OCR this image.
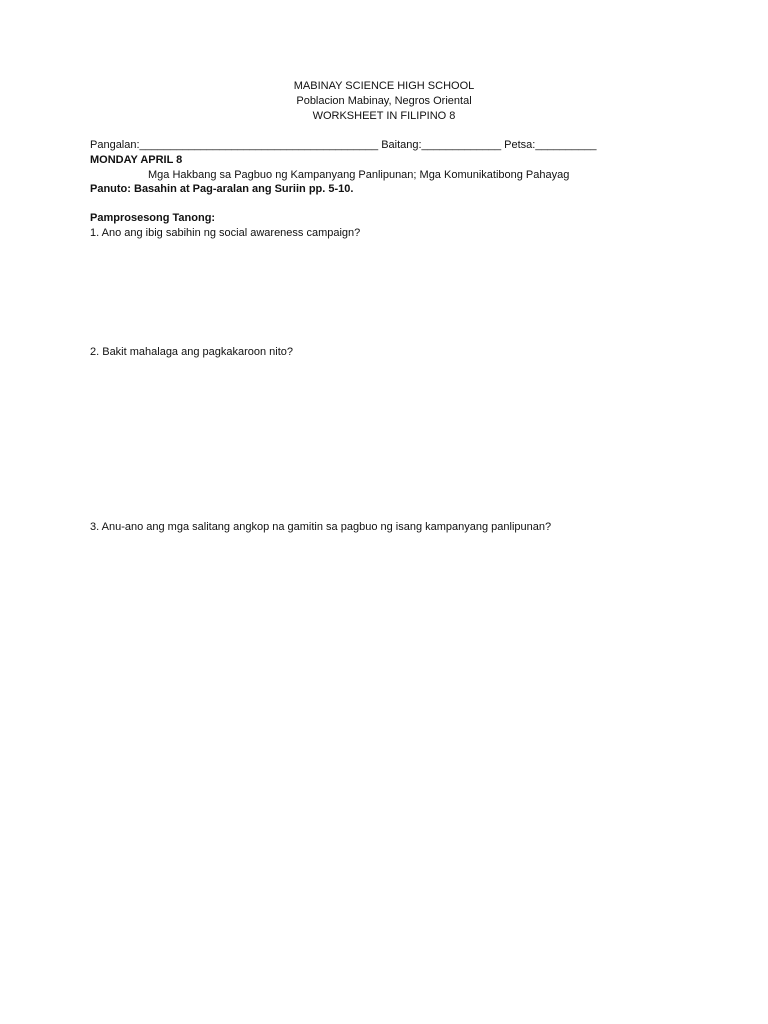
MABINAY SCIENCE HIGH SCHOOL
Poblacion Mabinay, Negros Oriental
WORKSHEET IN FILIPINO 8
Pangalan:_______________________________________ Baitang:_____________ Petsa:__________
MONDAY APRIL 8
Mga Hakbang sa Pagbuo ng Kampanyang Panlipunan; Mga Komunikatibong Pahayag
Panuto: Basahin at Pag-aralan ang Suriin pp. 5-10.
Pamprosesong Tanong:
1. Ano ang ibig sabihin ng social awareness campaign?
2. Bakit mahalaga ang pagkakaroon nito?
3. Anu-ano ang mga salitang angkop na gamitin sa pagbuo ng isang kampanyang panlipunan?
